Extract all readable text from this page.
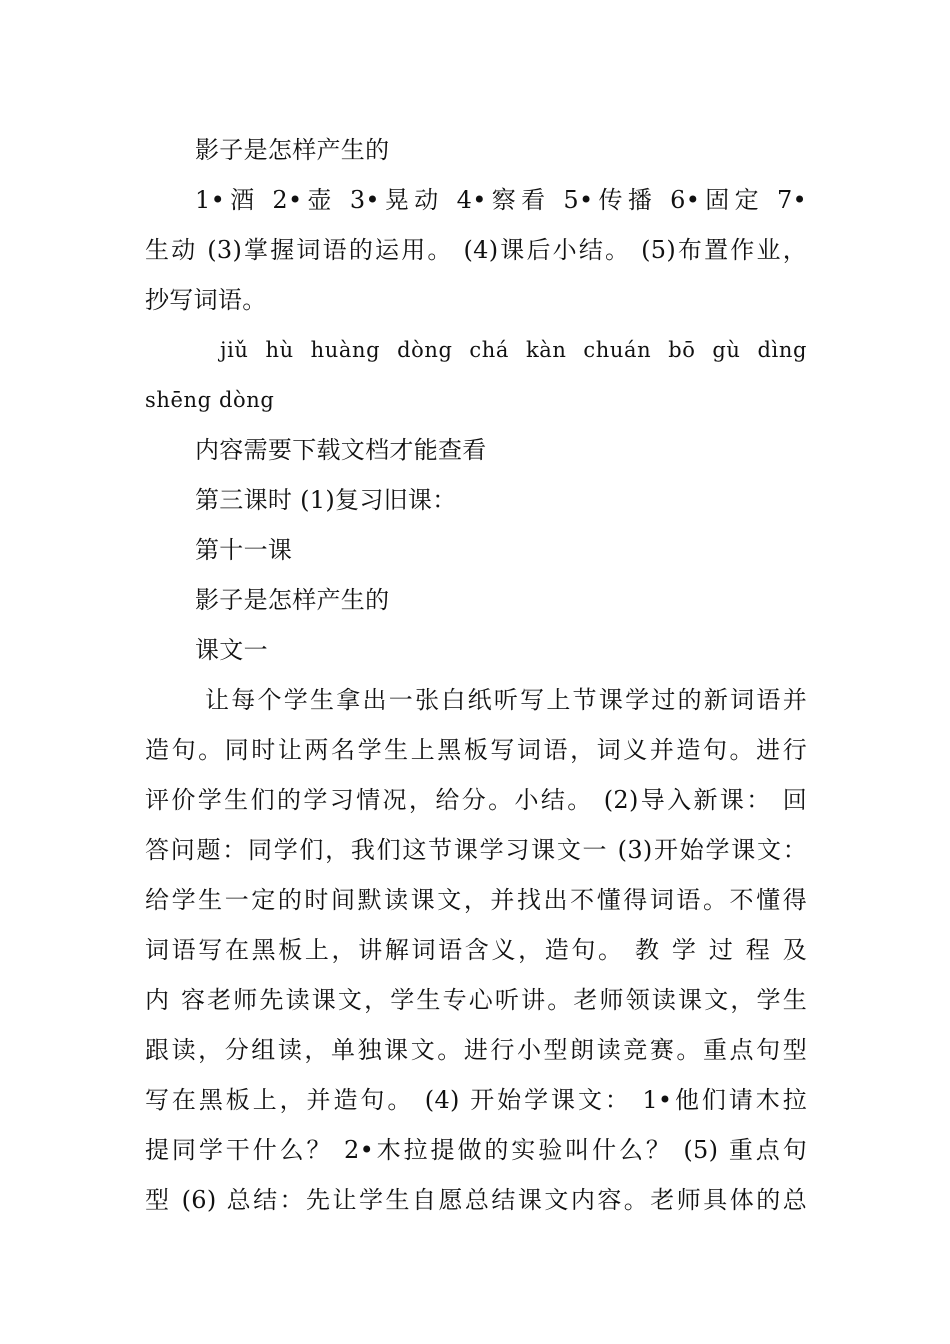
影子是怎样产生的
1•酒 2•壶 3•晃动 4•察看 5•传播 6•固定 7•
生动 (3)掌握词语的运用。 (4)课后小结。 (5)布置作业，
抄写词语。
jiǔ hù huàng dòng chá kàn chuán bō gù dìng
shēng dòng
内容需要下载文档才能查看
第三课时 (1)复习旧课：
第十一课
影子是怎样产生的
课文一
让每个学生拿出一张白纸听写上节课学过的新词语并
造句。同时让两名学生上黑板写词语，词义并造句。进行
评价学生们的学习情况，给分。小结。 (2)导入新课： 回
答问题：同学们，我们这节课学习课文一 (3)开始学课文：
给学生一定的时间默读课文，并找出不懂得词语。不懂得
词语写在黑板上，讲解词语含义，造句。 教 学 过 程 及
内 容老师先读课文，学生专心听讲。老师领读课文，学生
跟读，分组读，单独课文。进行小型朗读竞赛。重点句型
写在黑板上，并造句。 (4) 开始学课文： 1•他们请木拉
提同学干什么？ 2•木拉提做的实验叫什么？ (5) 重点句
型 (6) 总结：先让学生自愿总结课文内容。老师具体的总
